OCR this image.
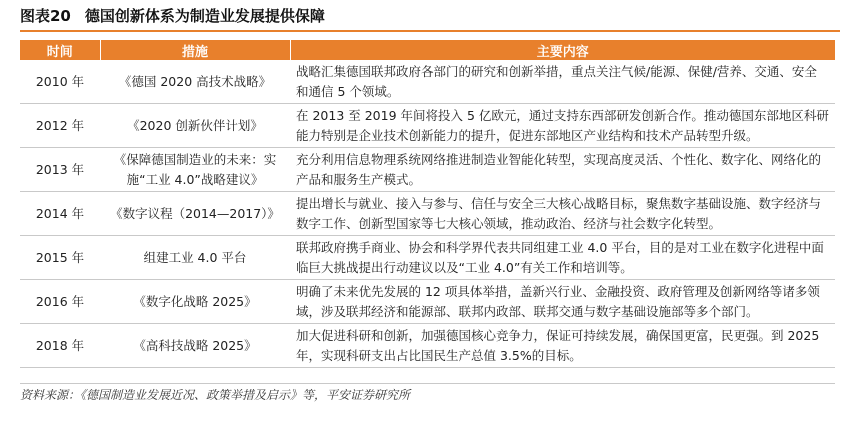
图表20 德国创新体系为制造业发展提供保障
时间	措施	主要内容
2010 年	《德国 2020 高技术战略》	战略汇集德国联邦政府各部门的研究和创新举措，重点关注气候/能源、保健/营养、交通、安全和通信 5 个领域。
2012 年	《2020 创新伙伴计划》	在 2013 至 2019 年间将投入 5 亿欧元，通过支持东西部研发创新合作。推动德国东部地区科研能力特别是企业技术创新能力的提升，促进东部地区产业结构和技术产品转型升级。
2013 年	《保障德国制造业的未来：实施“工业 4.0”战略建议》	充分利用信息物理系统网络推进制造业智能化转型，实现高度灵活、个性化、数字化、网络化的产品和服务生产模式。
2014 年	《数字议程（2014—2017）》	提出增长与就业、接入与参与、信任与安全三大核心战略目标，聚焦数字基础设施、数字经济与数字工作、创新型国家等七大核心领域，推动政治、经济与社会数字化转型。
2015 年	组建工业 4.0 平台	联邦政府携手商业、协会和科学界代表共同组建工业 4.0 平台，目的是对工业在数字化进程中面临巨大挑战提出行动建议以及“工业 4.0”有关工作和培训等。
2016 年	《数字化战略 2025》	明确了未来优先发展的 12 项具体举措，盖新兴行业、金融投资、政府管理及创新网络等诸多领域，涉及联邦经济和能源部、联邦内政部、联邦交通与数字基础设施部等多个部门。
2018 年	《高科技战略 2025》	加大促进科研和创新，加强德国核心竞争力，保证可持续发展，确保国更富，民更强。到 2025 年，实现科研支出占比国民生产总值 3.5%的目标。
资料来源：《德国制造业发展近况、政策举措及启示》等，平安证券研究所
